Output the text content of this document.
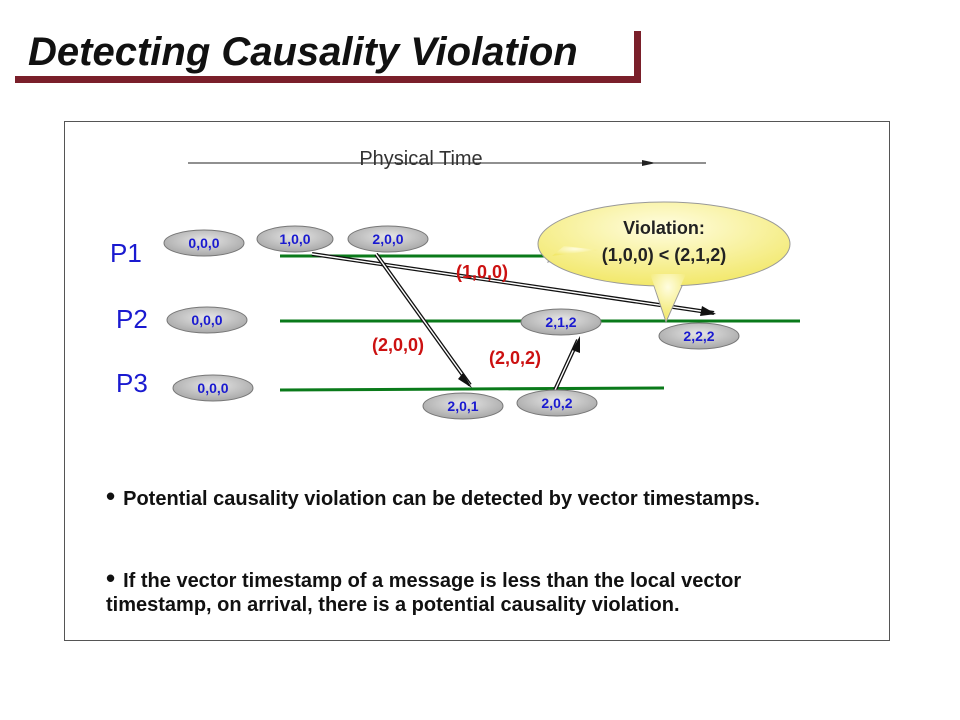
Detecting Causality Violation
Physical Time
P1
P2
P3
(1,0,0)
(2,0,0)
(2,0,2)
0,0,0	1,0,0	2,0,0
0,0,0	2,1,2
2,2,2
0,0,0
2,0,1	2,0,2
Violation:
(1,0,0) < (2,1,2)
• Potential causality violation can be detected by vector timestamps.
• If the vector timestamp of a message is less than the local vector timestamp, on arrival, there is a potential causality violation.
